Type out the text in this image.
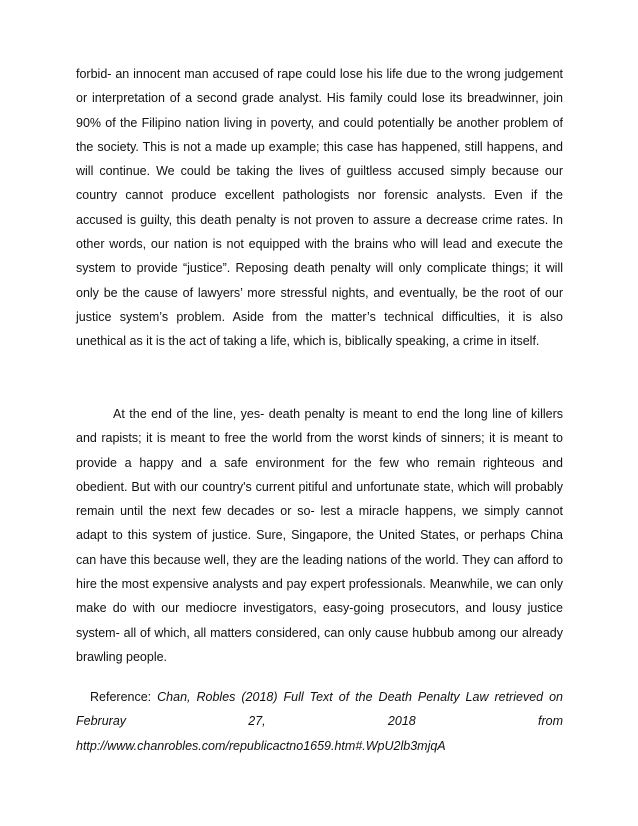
forbid- an innocent man accused of rape could lose his life due to the wrong judgement or interpretation of a second grade analyst. His family could lose its breadwinner, join 90% of the Filipino nation living in poverty, and could potentially be another problem of the society. This is not a made up example; this case has happened, still happens, and will continue. We could be taking the lives of guiltless accused simply because our country cannot produce excellent pathologists nor forensic analysts. Even if the accused is guilty, this death penalty is not proven to assure a decrease crime rates. In other words, our nation is not equipped with the brains who will lead and execute the system to provide “justice”. Reposing death penalty will only complicate things; it will only be the cause of lawyers’ more stressful nights, and eventually, be the root of our justice system’s problem. Aside from the matter’s technical difficulties, it is also unethical as it is the act of taking a life, which is, biblically speaking, a crime in itself.

At the end of the line, yes- death penalty is meant to end the long line of killers and rapists; it is meant to free the world from the worst kinds of sinners; it is meant to provide a happy and a safe environment for the few who remain righteous and obedient. But with our country's current pitiful and unfortunate state, which will probably remain until the next few decades or so- lest a miracle happens, we simply cannot adapt to this system of justice. Sure, Singapore, the United States, or perhaps China can have this because well, they are the leading nations of the world. They can afford to hire the most expensive analysts and pay expert professionals. Meanwhile, we can only make do with our mediocre investigators, easy-going prosecutors, and lousy justice system- all of which, all matters considered, can only cause hubbub among our already brawling people.

Reference: Chan, Robles (2018) Full Text of the Death Penalty Law retrieved on Februray 27, 2018 from http://www.chanrobles.com/republicactno1659.htm#.WpU2lb3mjqA
